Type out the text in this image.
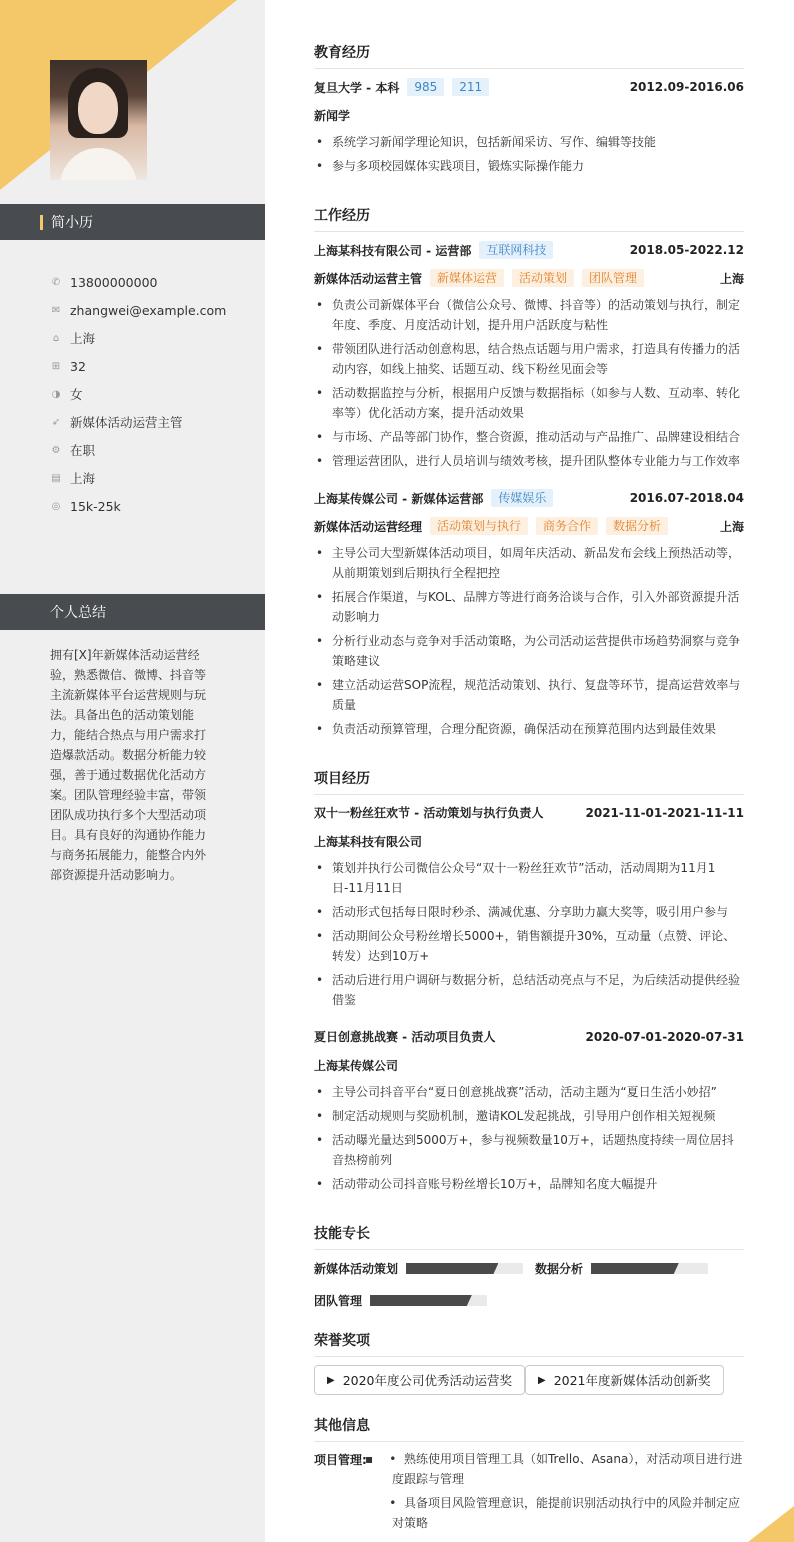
简小历
✆ 13800000000
✉ zhangwei@example.com
⌂ 上海
⊞ 32
◑ 女
➶ 新媒体活动运营主管
⚙ 在职
▤ 上海
◎ 15k-25k
个人总结
拥有[X]年新媒体活动运营经验，熟悉微信、微博、抖音等主流新媒体平台运营规则与玩法。具备出色的活动策划能力，能结合热点与用户需求打造爆款活动。数据分析能力较强，善于通过数据优化活动方案。团队管理经验丰富，带领团队成功执行多个大型活动项目。具有良好的沟通协作能力与商务拓展能力，能整合内外部资源提升活动影响力。
教育经历
复旦大学 - 本科	985	211	2012.09-2016.06
新闻学
• 系统学习新闻学理论知识，包括新闻采访、写作、编辑等技能
• 参与多项校园媒体实践项目，锻炼实际操作能力
工作经历
上海某科技有限公司 - 运营部	互联网科技	2018.05-2022.12
新媒体活动运营主管	新媒体运营	活动策划	团队管理	上海
• 负责公司新媒体平台（微信公众号、微博、抖音等）的活动策划与执行，制定年度、季度、月度活动计划，提升用户活跃度与粘性
• 带领团队进行活动创意构思，结合热点话题与用户需求，打造具有传播力的活动内容，如线上抽奖、话题互动、线下粉丝见面会等
• 活动数据监控与分析，根据用户反馈与数据指标（如参与人数、互动率、转化率等）优化活动方案，提升活动效果
• 与市场、产品等部门协作，整合资源，推动活动与产品推广、品牌建设相结合
• 管理运营团队，进行人员培训与绩效考核，提升团队整体专业能力与工作效率
上海某传媒公司 - 新媒体运营部	传媒娱乐	2016.07-2018.04
新媒体活动运营经理	活动策划与执行	商务合作	数据分析	上海
• 主导公司大型新媒体活动项目，如周年庆活动、新品发布会线上预热活动等，从前期策划到后期执行全程把控
• 拓展合作渠道，与KOL、品牌方等进行商务洽谈与合作，引入外部资源提升活动影响力
• 分析行业动态与竞争对手活动策略，为公司活动运营提供市场趋势洞察与竞争策略建议
• 建立活动运营SOP流程，规范活动策划、执行、复盘等环节，提高运营效率与质量
• 负责活动预算管理，合理分配资源，确保活动在预算范围内达到最佳效果
项目经历
双十一粉丝狂欢节 - 活动策划与执行负责人	2021-11-01-2021-11-11
上海某科技有限公司
• 策划并执行公司微信公众号“双十一粉丝狂欢节”活动，活动周期为11月1日-11月11日
• 活动形式包括每日限时秒杀、满减优惠、分享助力赢大奖等，吸引用户参与
• 活动期间公众号粉丝增长5000+，销售额提升30%，互动量（点赞、评论、转发）达到10万+
• 活动后进行用户调研与数据分析，总结活动亮点与不足，为后续活动提供经验借鉴
夏日创意挑战赛 - 活动项目负责人	2020-07-01-2020-07-31
上海某传媒公司
• 主导公司抖音平台“夏日创意挑战赛”活动，活动主题为“夏日生活小妙招”
• 制定活动规则与奖励机制，邀请KOL发起挑战，引导用户创作相关短视频
• 活动曝光量达到5000万+，参与视频数量10万+，话题热度持续一周位居抖音热榜前列
• 活动带动公司抖音账号粉丝增长10万+，品牌知名度大幅提升
技能专长
新媒体活动策划	数据分析
团队管理
荣誉奖项
▶ 2020年度公司优秀活动运营奖	▶ 2021年度新媒体活动创新奖
其他信息
项目管理:
▪ •  熟练使用项目管理工具（如Trello、Asana），对活动项目进行进度跟踪与管理
•  具备项目风险管理意识，能提前识别活动执行中的风险并制定应对策略
